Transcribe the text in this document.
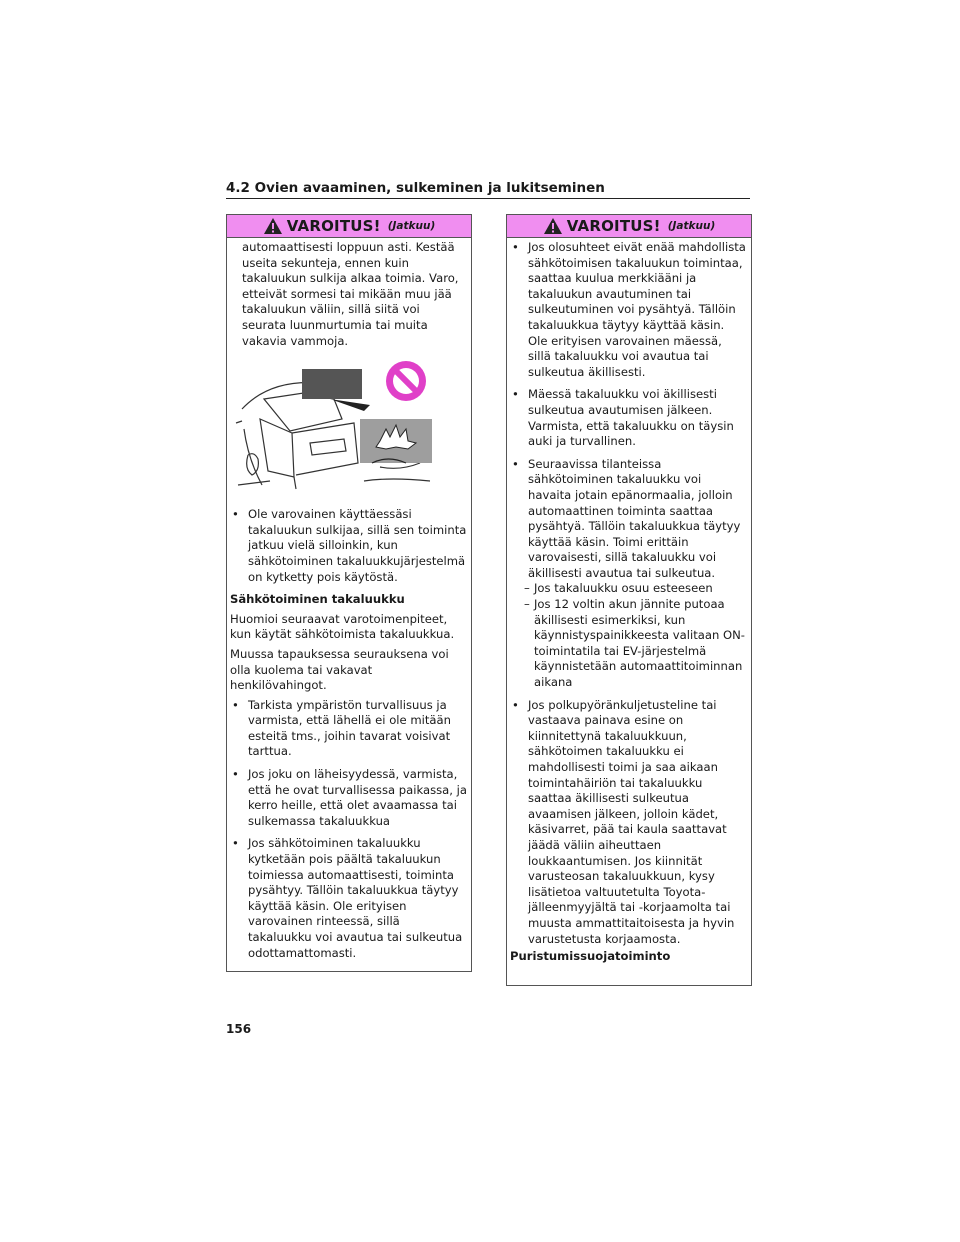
4.2 Ovien avaaminen, sulkeminen ja lukitseminen
VAROITUS! (Jatkuu)
automaattisesti loppuun asti. Kestää useita sekunteja, ennen kuin takaluukun sulkija alkaa toimia. Varo, etteivät sormesi tai mikään muu jää takaluukun väliin, sillä siitä voi seurata luunmurtumia tai muita vakavia vammoja.
• Ole varovainen käyttäessäsi takaluukun sulkijaa, sillä sen toiminta jatkuu vielä silloinkin, kun sähkötoiminen takaluukkujärjestelmä on kytketty pois käytöstä.
Sähkötoiminen takaluukku
Huomioi seuraavat varotoimenpiteet, kun käytät sähkötoimista takaluukkua.
Muussa tapauksessa seurauksena voi olla kuolema tai vakavat henkilövahingot.
• Tarkista ympäristön turvallisuus ja varmista, että lähellä ei ole mitään esteitä tms., joihin tavarat voisivat tarttua.
• Jos joku on läheisyydessä, varmista, että he ovat turvallisessa paikassa, ja kerro heille, että olet avaamassa tai sulkemassa takaluukkua
• Jos sähkötoiminen takaluukku kytketään pois päältä takaluukun toimiessa automaattisesti, toiminta pysähtyy. Tällöin takaluukkua täytyy käyttää käsin. Ole erityisen varovainen rinteessä, sillä takaluukku voi avautua tai sulkeutua odottamattomasti.
VAROITUS! (Jatkuu)
• Jos olosuhteet eivät enää mahdollista sähkötoimisen takaluukun toimintaa, saattaa kuulua merkkiääni ja takaluukun avautuminen tai sulkeutuminen voi pysähtyä. Tällöin takaluukkua täytyy käyttää käsin. Ole erityisen varovainen mäessä, sillä takaluukku voi avautua tai sulkeutua äkillisesti.
• Mäessä takaluukku voi äkillisesti sulkeutua avautumisen jälkeen. Varmista, että takaluukku on täysin auki ja turvallinen.
• Seuraavissa tilanteissa sähkötoiminen takaluukku voi havaita jotain epänormaalia, jolloin automaattinen toiminta saattaa pysähtyä. Tällöin takaluukkua täytyy käyttää käsin. Toimi erittäin varovaisesti, sillä takaluukku voi äkillisesti avautua tai sulkeutua.
– Jos takaluukku osuu esteeseen
– Jos 12 voltin akun jännite putoaa äkillisesti esimerkiksi, kun käynnistyspainikkeesta valitaan ON-toimintatila tai EV-järjestelmä käynnistetään automaattitoiminnan aikana
• Jos polkupyöränkuljetusteline tai vastaava painava esine on kiinnitettynä takaluukkuun, sähkötoimen takaluukku ei mahdollisesti toimi ja saa aikaan toimintahäiriön tai takaluukku saattaa äkillisesti sulkeutua avaamisen jälkeen, jolloin kädet, käsivarret, pää tai kaula saattavat jäädä väliin aiheuttaen loukkaantumisen. Jos kiinnität varusteosan takaluukkuun, kysy lisätietoa valtuutetulta Toyota-jälleenmyyjältä tai -korjaamolta tai muusta ammattitaitoisesta ja hyvin varustetusta korjaamosta.
Puristumissuojatoiminto
156
